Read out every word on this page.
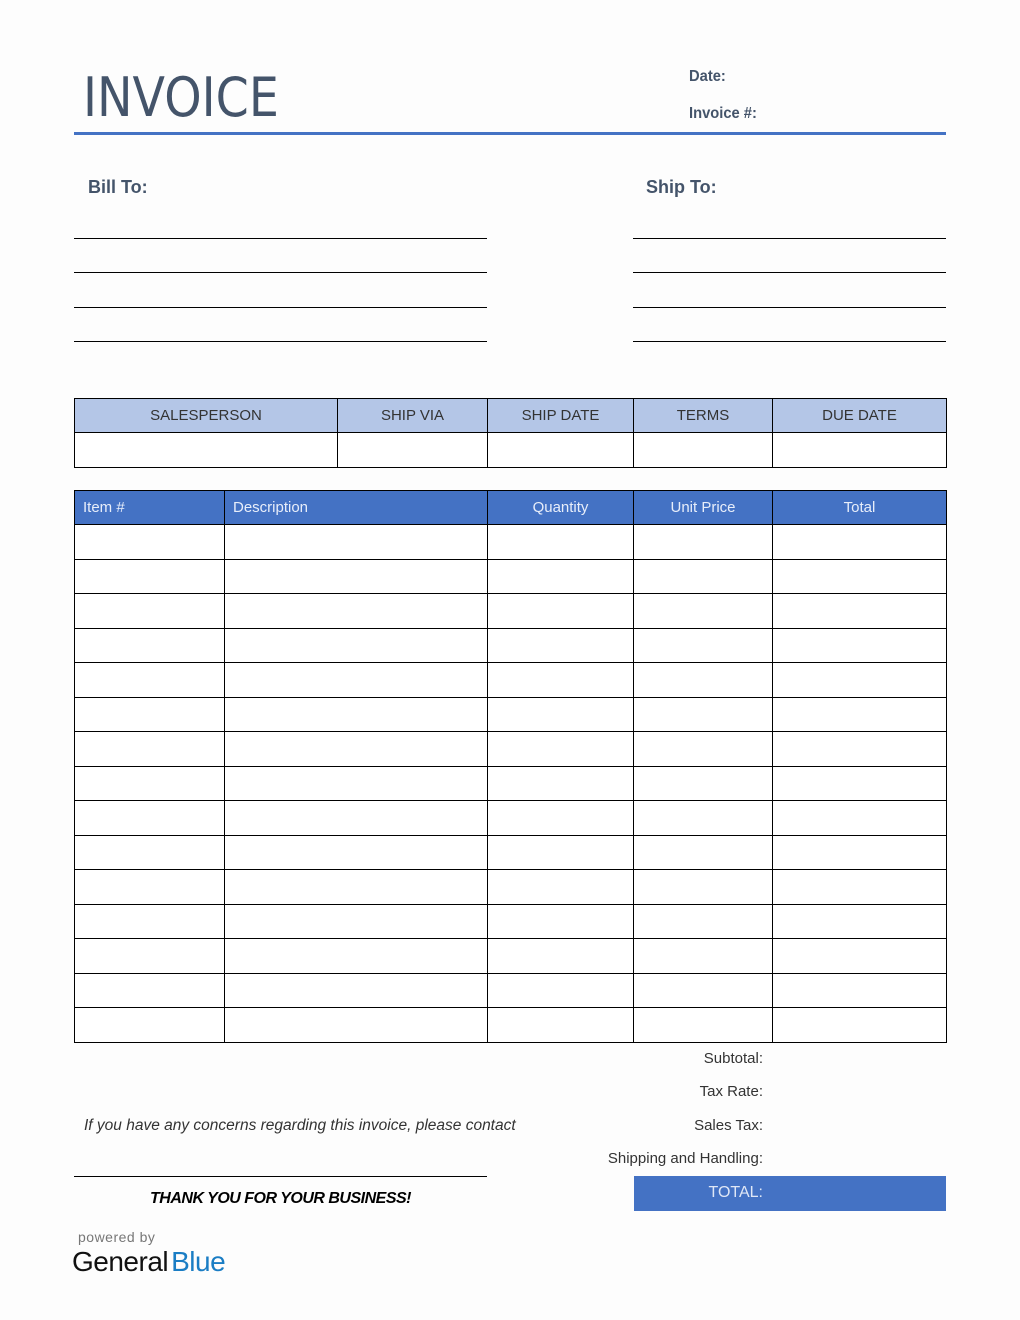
INVOICE	Date:
Invoice #:
Bill To:	Ship To:
SALESPERSON	SHIP VIA	SHIP DATE	TERMS	DUE DATE

Item #	Description	Quantity	Unit Price	Total

Subtotal:
Tax Rate:
Sales Tax:
Shipping and Handling:
TOTAL:
If you have any concerns regarding this invoice, please contact
THANK YOU FOR YOUR BUSINESS!
powered by
General Blue
